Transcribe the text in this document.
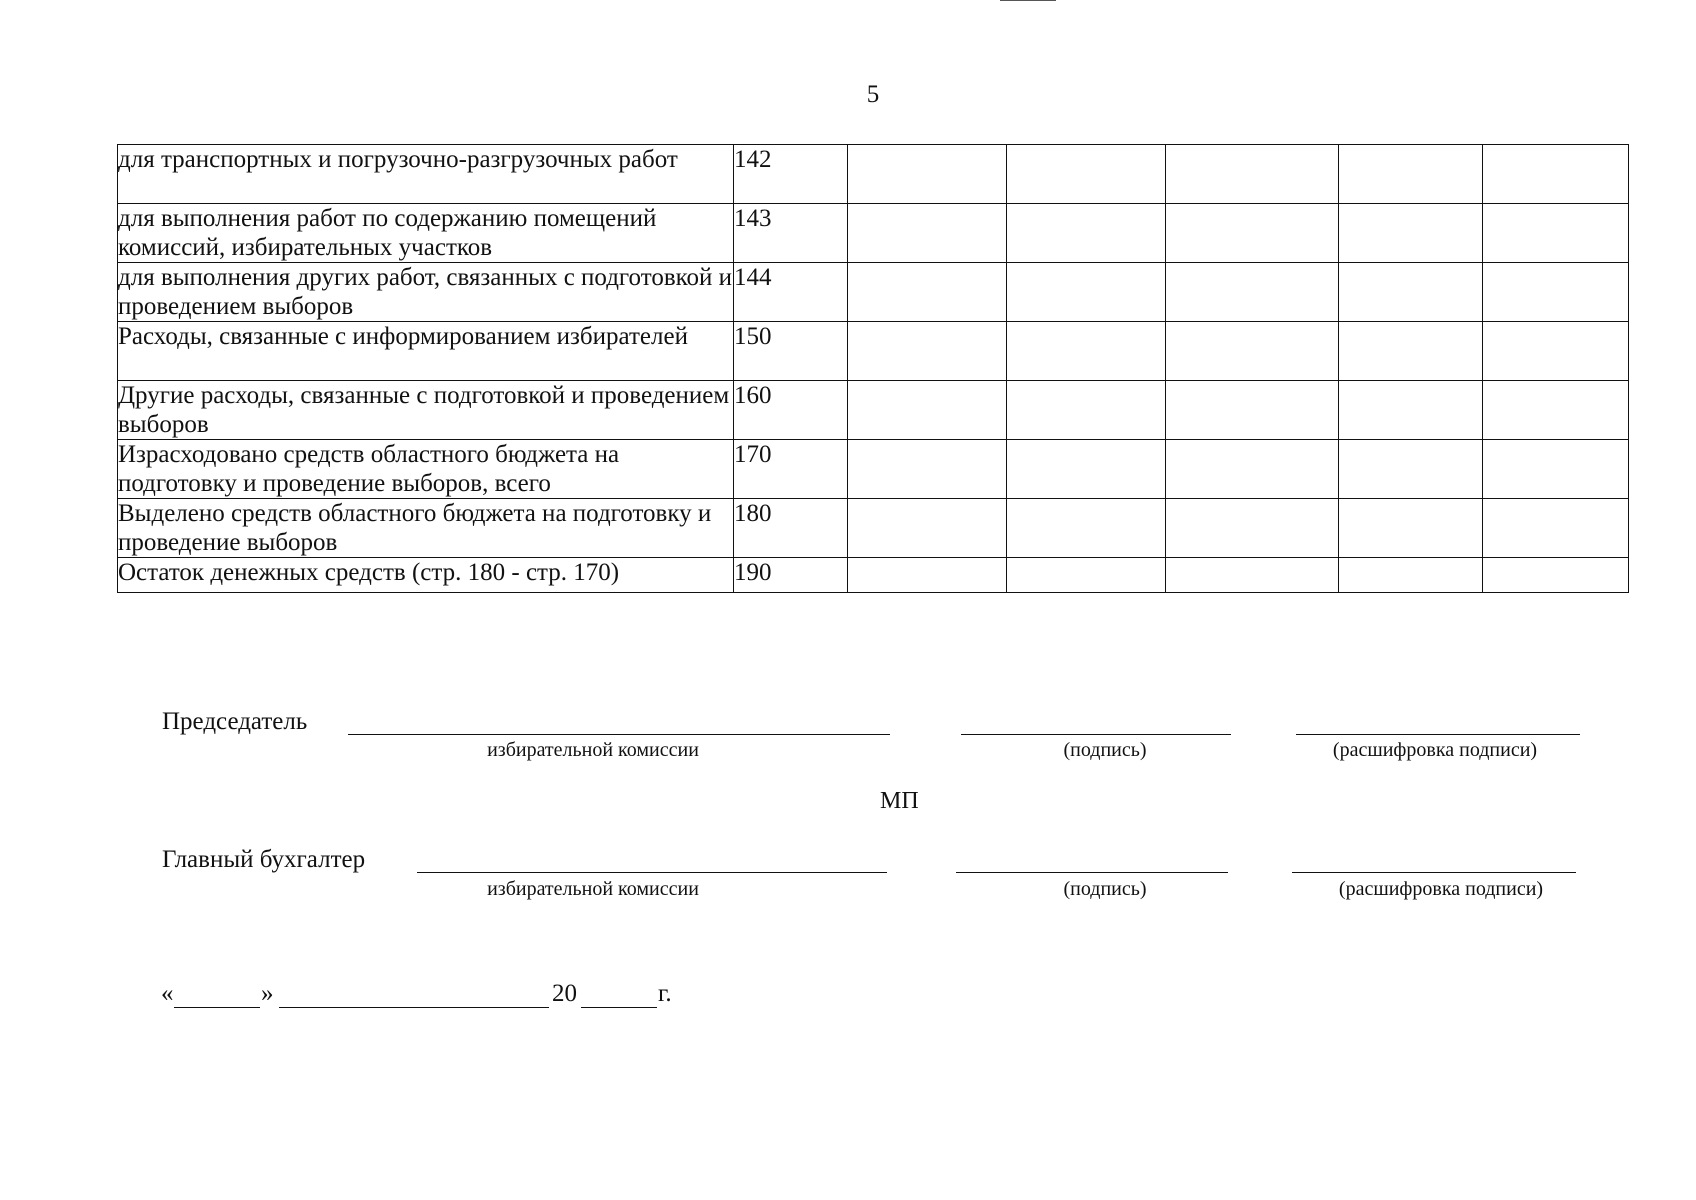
5
для транспортных и погрузочно-разгрузочных работ	142					
для выполнения работ по содержанию помещений комиссий, избирательных участков	143					
для выполнения других работ, связанных с подготовкой и проведением выборов	144					
Расходы, связанные с информированием избирателей	150					
Другие расходы, связанные с подготовкой и проведением выборов	160					
Израсходовано средств областного бюджета на подготовку и проведение выборов, всего	170					
Выделено средств областного бюджета на подготовку и проведение выборов	180					
Остаток денежных средств (стр. 180 - стр. 170)	190					
Председатель
избирательной комиссии	(подпись)	(расшифровка подписи)
МП
Главный бухгалтер
избирательной комиссии	(подпись)	(расшифровка подписи)
«	»	20	г.
